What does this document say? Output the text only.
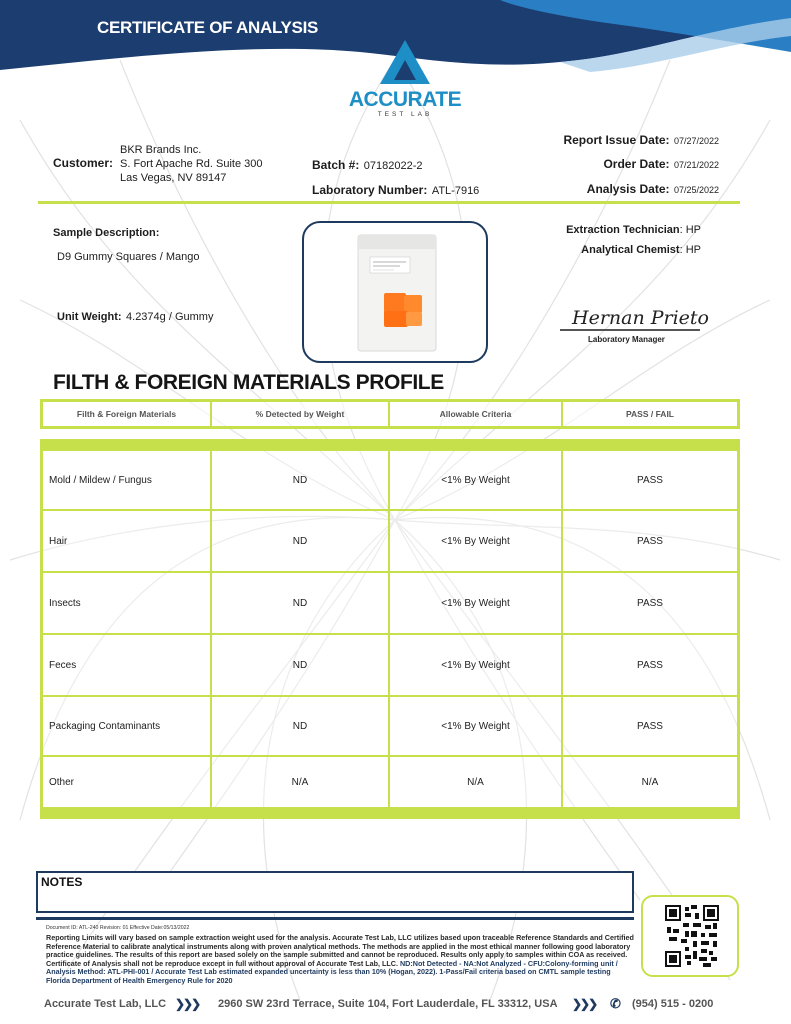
CERTIFICATE OF ANALYSIS
ACCURATE
TEST LAB
Customer:
BKR Brands Inc.
S. Fort Apache Rd. Suite 300
Las Vegas, NV 89147
Batch #: 07182022-2
Laboratory Number: ATL-7916
Report Issue Date: 07/27/2022
Order Date: 07/21/2022
Analysis Date: 07/25/2022
Sample Description:
D9 Gummy Squares / Mango
Unit Weight: 4.2374g / Gummy
Extraction Technician: HP
Analytical Chemist: HP
Hernan Prieto
Laboratory Manager
FILTH & FOREIGN MATERIALS PROFILE
Filth & Foreign Materials	% Detected by Weight	Allowable Criteria	PASS / FAIL
Mold / Mildew / Fungus	ND	<1% By Weight	PASS
Hair	ND	<1% By Weight	PASS
Insects	ND	<1% By Weight	PASS
Feces	ND	<1% By Weight	PASS
Packaging Contaminants	ND	<1% By Weight	PASS
Other	N/A	N/A	N/A
NOTES
Document ID: ATL-240 Revision: 01 Effective Date:05/13/2022
Reporting Limits will vary based on sample extraction weight used for the analysis. Accurate Test Lab, LLC utilizes based upon traceable Reference Standards and Certified Reference Material to calibrate analytical instruments along with proven analytical methods. The methods are applied in the most ethical manner following good laboratory practice guidelines. The results of this report are based solely on the sample submitted and cannot be reproduced. Results only apply to samples within COA as received. Certificate of Analysis shall not be reproduce except in full without approval of Accurate Test Lab, LLC. ND:Not Detected - NA:Not Analyzed - CFU:Colony-forming unit / Analysis Method: ATL-PHI-001 / Accurate Test Lab estimated expanded uncertainty is less than 10% (Hogan, 2022). 1-Pass/Fail criteria based on CMTL sample testing Florida Department of Health Emergency Rule for 2020
Accurate Test Lab, LLC ❯❯❯ 2960 SW 23rd Terrace, Suite 104, Fort Lauderdale, FL 33312, USA ❯❯❯ ✆ (954) 515 - 0200
